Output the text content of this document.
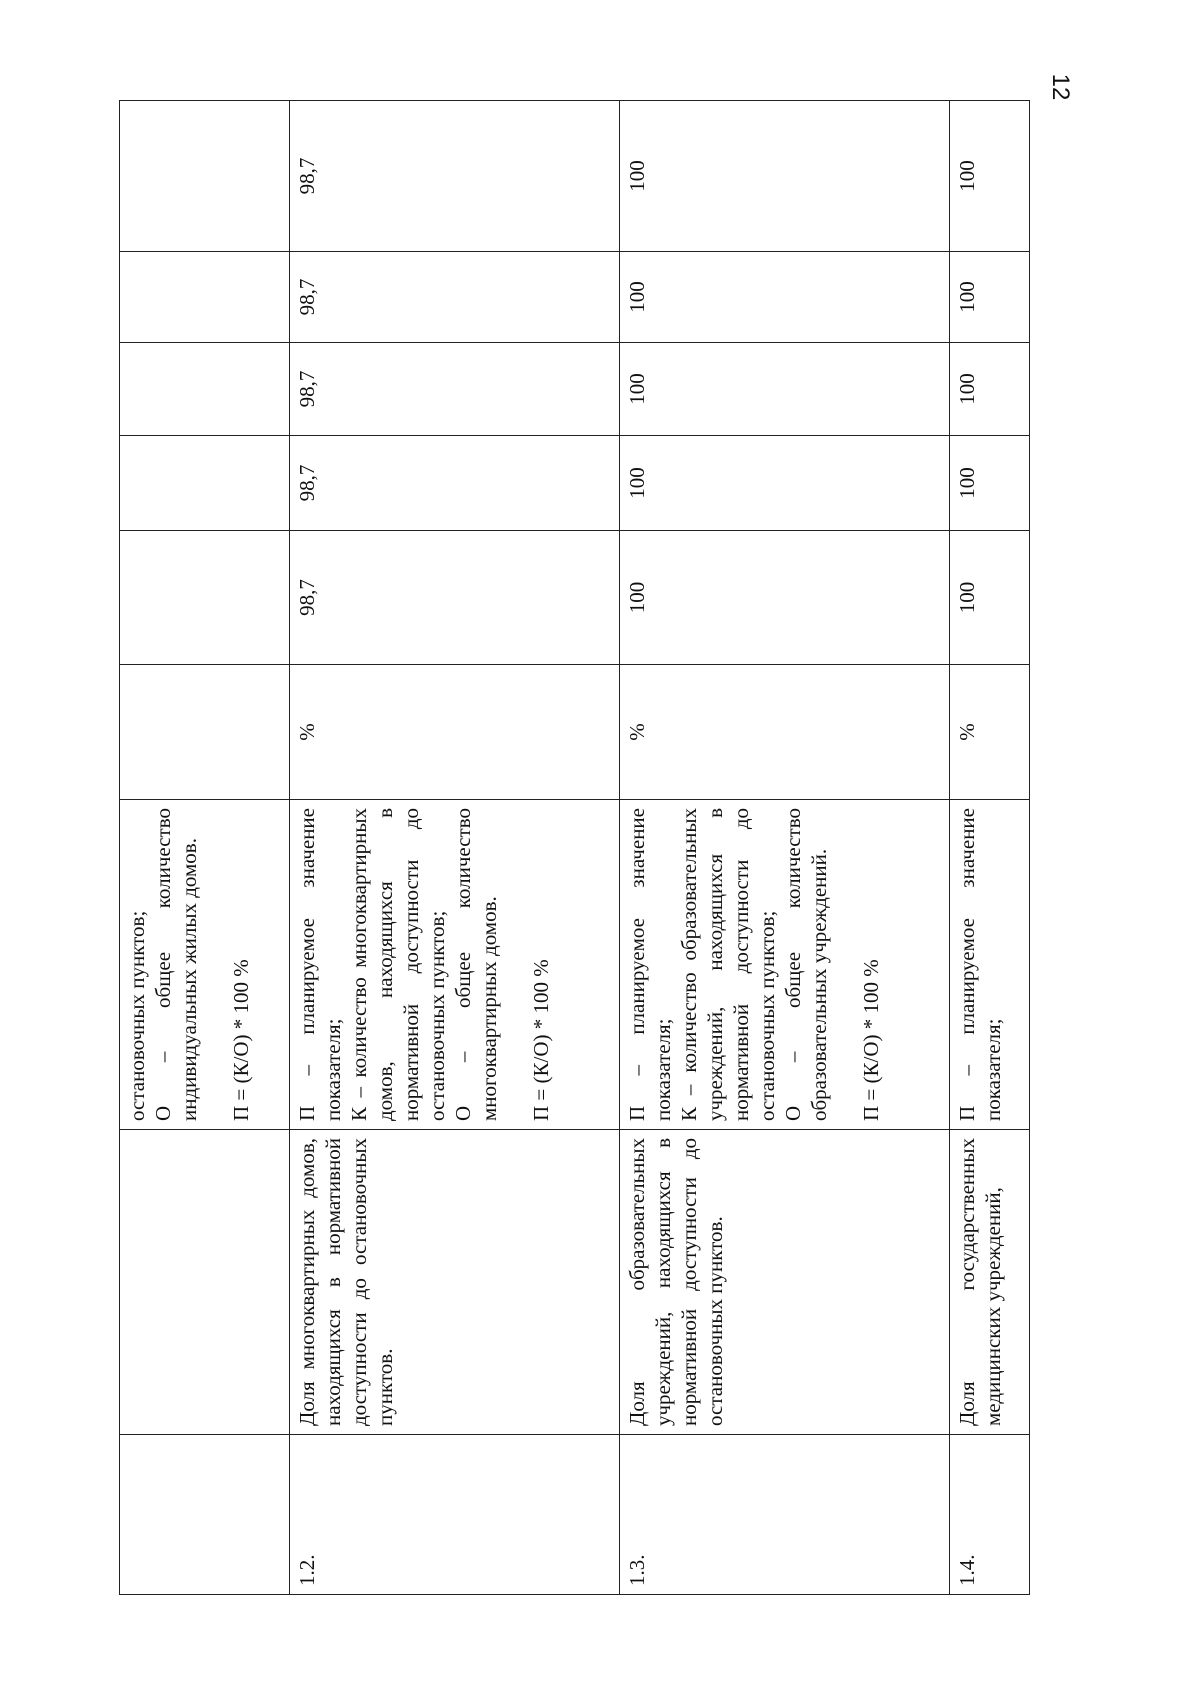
12

		остановочных пунктов; О – общее количество индивидуальных жилых домов. П = (К/О) * 100 %						

1.2.	Доля многоквартирных домов, находящихся в нормативной доступности до остановочных пунктов.	П – планируемое значение показателя; К – количество многоквартирных домов, находящихся в нормативной доступности до остановочных пунктов; О – общее количество многоквартирных домов. П = (К/О) * 100 %	%	98,7	98,7	98,7	98,7	98,7
1.3.	Доля образовательных учреждений, находящихся в нормативной доступности до остановочных пунктов.	П – планируемое значение показателя; К – количество образовательных учреждений, находящихся в нормативной доступности до остановочных пунктов; О – общее количество образовательных учреждений. П = (К/О) * 100 %	%	100	100	100	100	100
1.4.	Доля государственных медицинских учреждений,	П – планируемое значение показателя;	%	100	100	100	100	100
